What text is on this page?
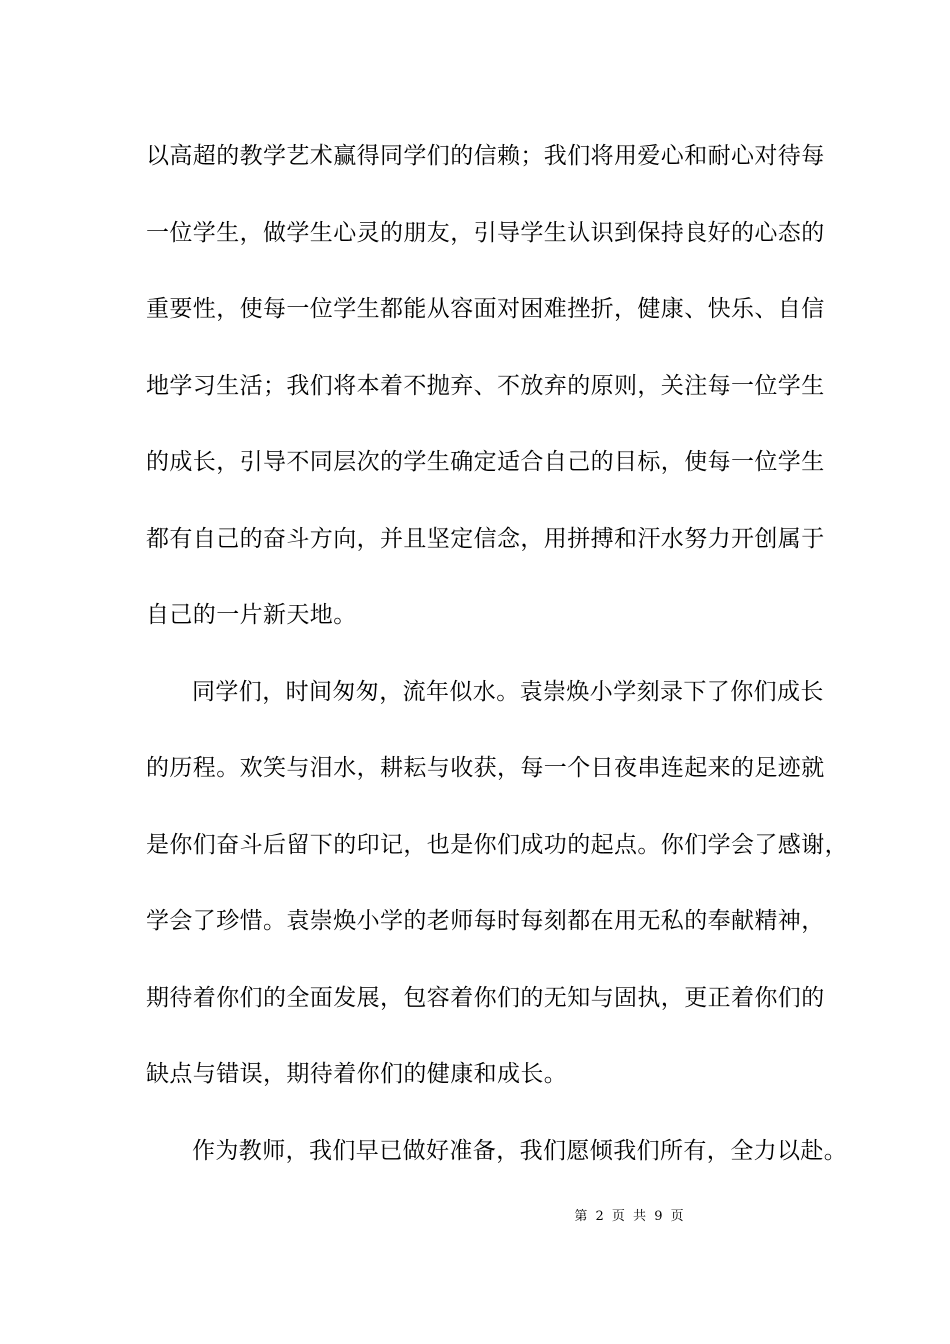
以高超的教学艺术赢得同学们的信赖；我们将用爱心和耐心对待每
一位学生，做学生心灵的朋友，引导学生认识到保持良好的心态的
重要性，使每一位学生都能从容面对困难挫折，健康、快乐、自信
地学习生活；我们将本着不抛弃、不放弃的原则，关注每一位学生
的成长，引导不同层次的学生确定适合自己的目标，使每一位学生
都有自己的奋斗方向，并且坚定信念，用拼搏和汗水努力开创属于
自己的一片新天地。
同学们，时间匆匆，流年似水。袁崇焕小学刻录下了你们成长
的历程。欢笑与泪水，耕耘与收获，每一个日夜串连起来的足迹就
是你们奋斗后留下的印记，也是你们成功的起点。你们学会了感谢，
学会了珍惜。袁崇焕小学的老师每时每刻都在用无私的奉献精神，
期待着你们的全面发展，包容着你们的无知与固执，更正着你们的
缺点与错误，期待着你们的健康和成长。
作为教师，我们早已做好准备，我们愿倾我们所有，全力以赴。
第 2 页 共 9 页
